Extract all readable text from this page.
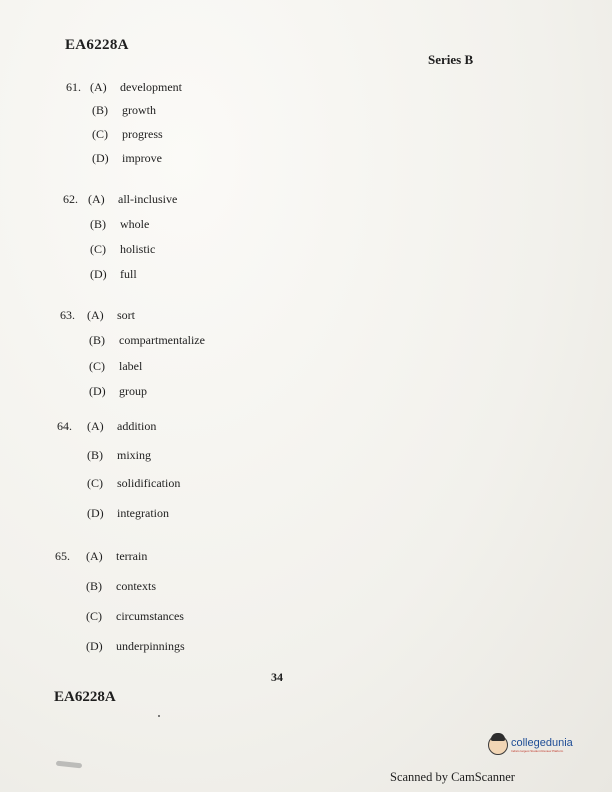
EA6228A
Series B
61. (A) development
(B) growth
(C) progress
(D) improve
62. (A) all-inclusive
(B) whole
(C) holistic
(D) full
63. (A) sort
(B) compartmentalize
(C) label
(D) group
64. (A) addition
(B) mixing
(C) solidification
(D) integration
65. (A) terrain
(B) contexts
(C) circumstances
(D) underpinnings
34
EA6228A
collegedunia
India's largest Student Review Platform
Scanned by CamScanner
